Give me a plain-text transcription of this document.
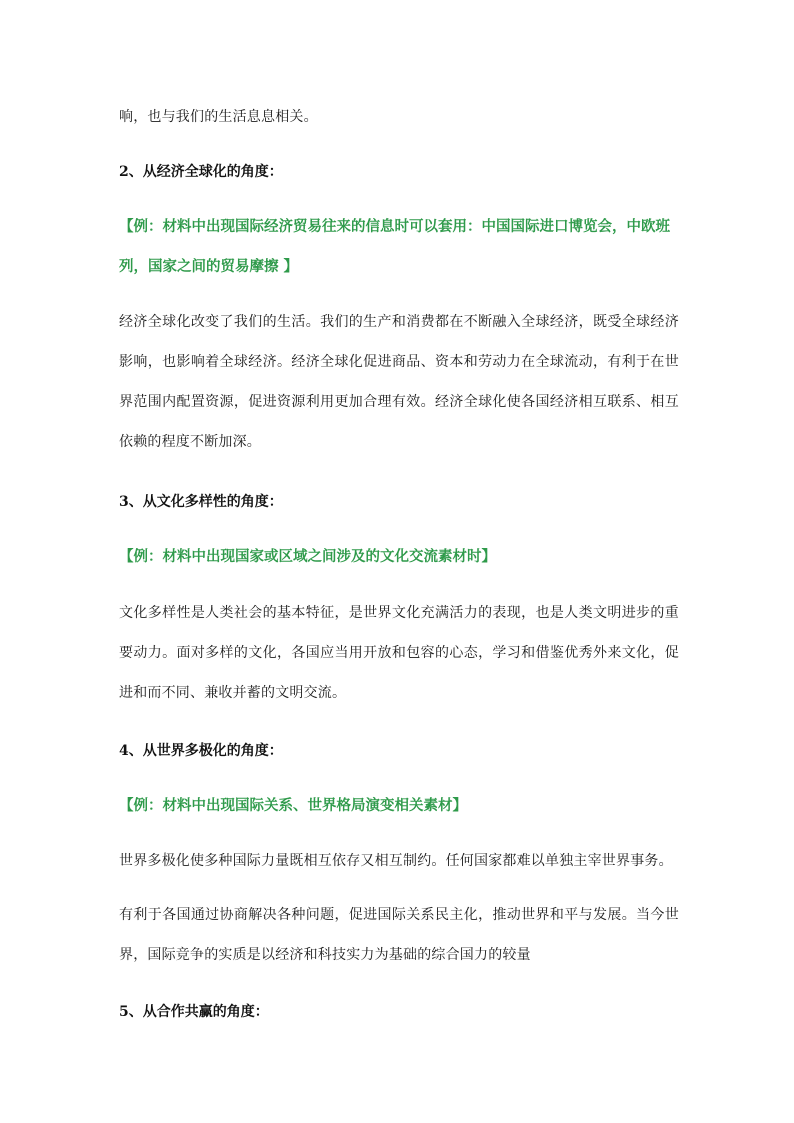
响，也与我们的生活息息相关。

2、从经济全球化的角度：

【例：材料中出现国际经济贸易往来的信息时可以套用：中国国际进口博览会，中欧班列，国家之间的贸易摩擦 】

经济全球化改变了我们的生活。我们的生产和消费都在不断融入全球经济，既受全球经济影响，也影响着全球经济。经济全球化促进商品、资本和劳动力在全球流动，有利于在世界范围内配置资源，促进资源利用更加合理有效。经济全球化使各国经济相互联系、相互依赖的程度不断加深。

3、从文化多样性的角度：

【例：材料中出现国家或区域之间涉及的文化交流素材时】

文化多样性是人类社会的基本特征，是世界文化充满活力的表现，也是人类文明进步的重要动力。面对多样的文化，各国应当用开放和包容的心态，学习和借鉴优秀外来文化，促进和而不同、兼收并蓄的文明交流。

4、从世界多极化的角度：

【例：材料中出现国际关系、世界格局演变相关素材】

世界多极化使多种国际力量既相互依存又相互制约。任何国家都难以单独主宰世界事务。

有利于各国通过协商解决各种问题，促进国际关系民主化，推动世界和平与发展。当今世界，国际竞争的实质是以经济和科技实力为基础的综合国力的较量

5、从合作共赢的角度：
